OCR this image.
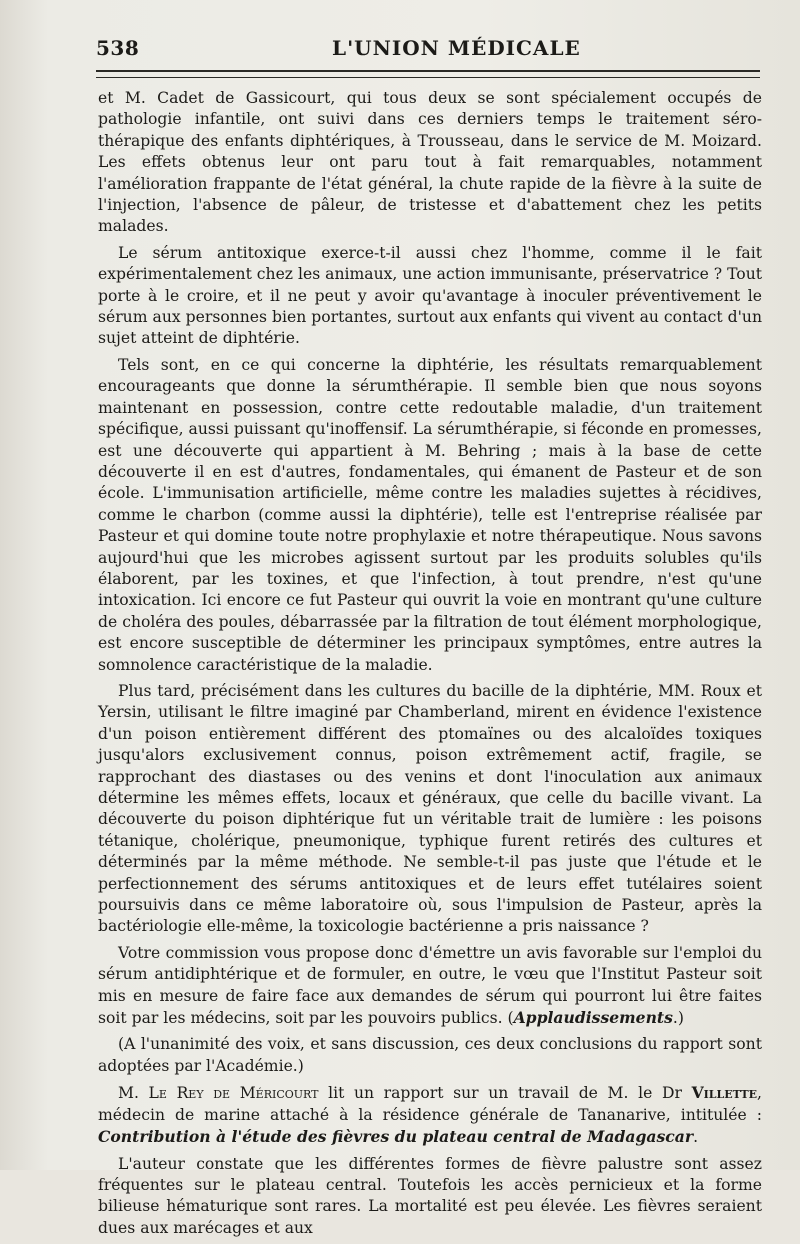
538	L'UNION MÉDICALE

et M. Cadet de Gassicourt, qui tous deux se sont spécialement occupés de pathologie infantile, ont suivi dans ces derniers temps le traitement séro-thérapique des enfants diphtériques, à Trousseau, dans le service de M. Moizard. Les effets obtenus leur ont paru tout à fait remarquables, notamment l'amélioration frappante de l'état général, la chute rapide de la fièvre à la suite de l'injection, l'absence de pâleur, de tristesse et d'abattement chez les petits malades.

Le sérum antitoxique exerce-t-il aussi chez l'homme, comme il le fait expérimentalement chez les animaux, une action immunisante, préservatrice ? Tout porte à le croire, et il ne peut y avoir qu'avantage à inoculer préventivement le sérum aux personnes bien portantes, surtout aux enfants qui vivent au contact d'un sujet atteint de diphtérie.

Tels sont, en ce qui concerne la diphtérie, les résultats remarquablement encourageants que donne la sérumthérapie. Il semble bien que nous soyons maintenant en possession, contre cette redoutable maladie, d'un traitement spécifique, aussi puissant qu'inoffensif. La sérumthérapie, si féconde en promesses, est une découverte qui appartient à M. Behring ; mais à la base de cette découverte il en est d'autres, fondamentales, qui émanent de Pasteur et de son école. L'immunisation artificielle, même contre les maladies sujettes à récidives, comme le charbon (comme aussi la diphtérie), telle est l'entreprise réalisée par Pasteur et qui domine toute notre prophylaxie et notre thérapeutique. Nous savons aujourd'hui que les microbes agissent surtout par les produits solubles qu'ils élaborent, par les toxines, et que l'infection, à tout prendre, n'est qu'une intoxication. Ici encore ce fut Pasteur qui ouvrit la voie en montrant qu'une culture de choléra des poules, débarrassée par la filtration de tout élément morphologique, est encore susceptible de déterminer les principaux symptômes, entre autres la somnolence caractéristique de la maladie.

Plus tard, précisément dans les cultures du bacille de la diphtérie, MM. Roux et Yersin, utilisant le filtre imaginé par Chamberland, mirent en évidence l'existence d'un poison entièrement différent des ptomaïnes ou des alcaloïdes toxiques jusqu'alors exclusivement connus, poison extrêmement actif, fragile, se rapprochant des diastases ou des venins et dont l'inoculation aux animaux détermine les mêmes effets, locaux et généraux, que celle du bacille vivant. La découverte du poison diphtérique fut un véritable trait de lumière : les poisons tétanique, cholérique, pneumonique, typhique furent retirés des cultures et déterminés par la même méthode. Ne semble-t-il pas juste que l'étude et le perfectionnement des sérums antitoxiques et de leurs effet tutélaires soient poursuivis dans ce même laboratoire où, sous l'impulsion de Pasteur, après la bactériologie elle-même, la toxicologie bactérienne a pris naissance ?

Votre commission vous propose donc d'émettre un avis favorable sur l'emploi du sérum antidiphtérique et de formuler, en outre, le vœu que l'Institut Pasteur soit mis en mesure de faire face aux demandes de sérum qui pourront lui être faites soit par les médecins, soit par les pouvoirs publics. (Applaudissements.)

(A l'unanimité des voix, et sans discussion, ces deux conclusions du rapport sont adoptées par l'Académie.)

M. Le Rey de Méricourt lit un rapport sur un travail de M. le Dr Villette, médecin de marine attaché à la résidence générale de Tananarive, intitulée : Contribution à l'étude des fièvres du plateau central de Madagascar.

L'auteur constate que les différentes formes de fièvre palustre sont assez fréquentes sur le plateau central. Toutefois les accès pernicieux et la forme bilieuse hématurique sont rares. La mortalité est peu élevée. Les fièvres seraient dues aux marécages et aux
